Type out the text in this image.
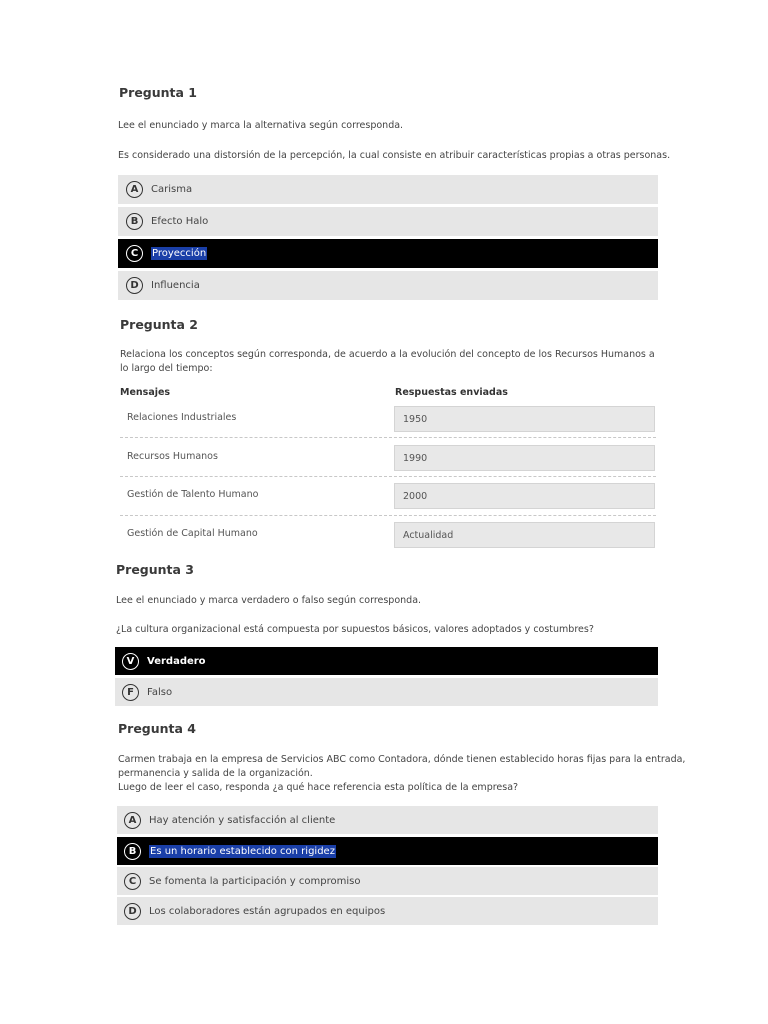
Pregunta 1
Lee el enunciado y marca la alternativa según corresponda.
Es considerado una distorsión de la percepción, la cual consiste en atribuir características propias a otras personas.
A	Carisma
B	Efecto Halo
C	Proyección
D	Influencia
Pregunta 2
Relaciona los conceptos según corresponda, de acuerdo a la evolución del concepto de los Recursos Humanos a lo largo del tiempo:
Mensajes	Respuestas enviadas
Relaciones Industriales	1950
Recursos Humanos	1990
Gestión de Talento Humano	2000
Gestión de Capital Humano	Actualidad
Pregunta 3
Lee el enunciado y marca verdadero o falso según corresponda.
¿La cultura organizacional está compuesta por supuestos básicos, valores adoptados y costumbres?
V	Verdadero
F	Falso
Pregunta 4
Carmen trabaja en la empresa de Servicios ABC como Contadora, dónde tienen establecido horas fijas para la entrada,
permanencia y salida de la organización.
Luego de leer el caso, responda ¿a qué hace referencia esta política de la empresa?
A	Hay atención y satisfacción al cliente
B	Es un horario establecido con rigidez
C	Se fomenta la participación y compromiso
D	Los colaboradores están agrupados en equipos
